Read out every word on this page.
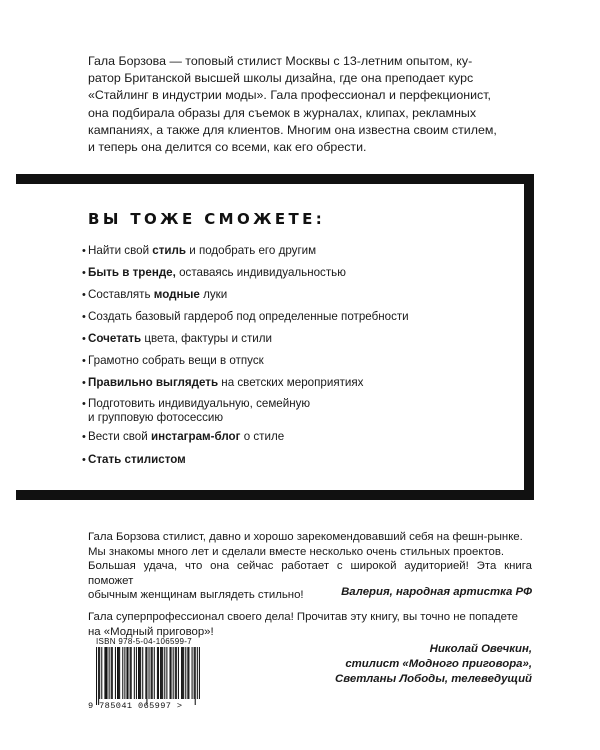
Гала Борзова — топовый стилист Москвы с 13-летним опытом, ку-
ратор Британской высшей школы дизайна, где она преподает курс
«Стайлинг в индустрии моды». Гала профессионал и перфекционист,
она подбирала образы для съемок в журналах, клипах, рекламных
кампаниях, а также для клиентов. Многим она известна своим стилем,
и теперь она делится со всеми, как его обрести.
ВЫ ТОЖЕ СМОЖЕТЕ:
• Найти свой стиль и подобрать его другим
• Быть в тренде, оставаясь индивидуальностью
• Составлять модные луки
• Создать базовый гардероб под определенные потребности
• Сочетать цвета, фактуры и стили
• Грамотно собрать вещи в отпуск
• Правильно выглядеть на светских мероприятиях
• Подготовить индивидуальную, семейную
и групповую фотосессию
• Вести свой инстаграм-блог о стиле
• Стать стилистом
Гала Борзова стилист, давно и хорошо зарекомендовавший себя на фешн-рынке.
Мы знакомы много лет и сделали вместе несколько очень стильных проектов.
Большая удача, что она сейчас работает с широкой аудиторией! Эта книга поможет
обычным женщинам выглядеть стильно!	Валерия, народная артистка РФ
Гала суперпрофессионал своего дела! Прочитав эту книгу, вы точно не попадете
на «Модный приговор»!
Николай Овечкин,
стилист «Модного приговора»,
Светланы Лободы, телеведущий
ISBN 978-5-04-106599-7
9 785041 065997 >
